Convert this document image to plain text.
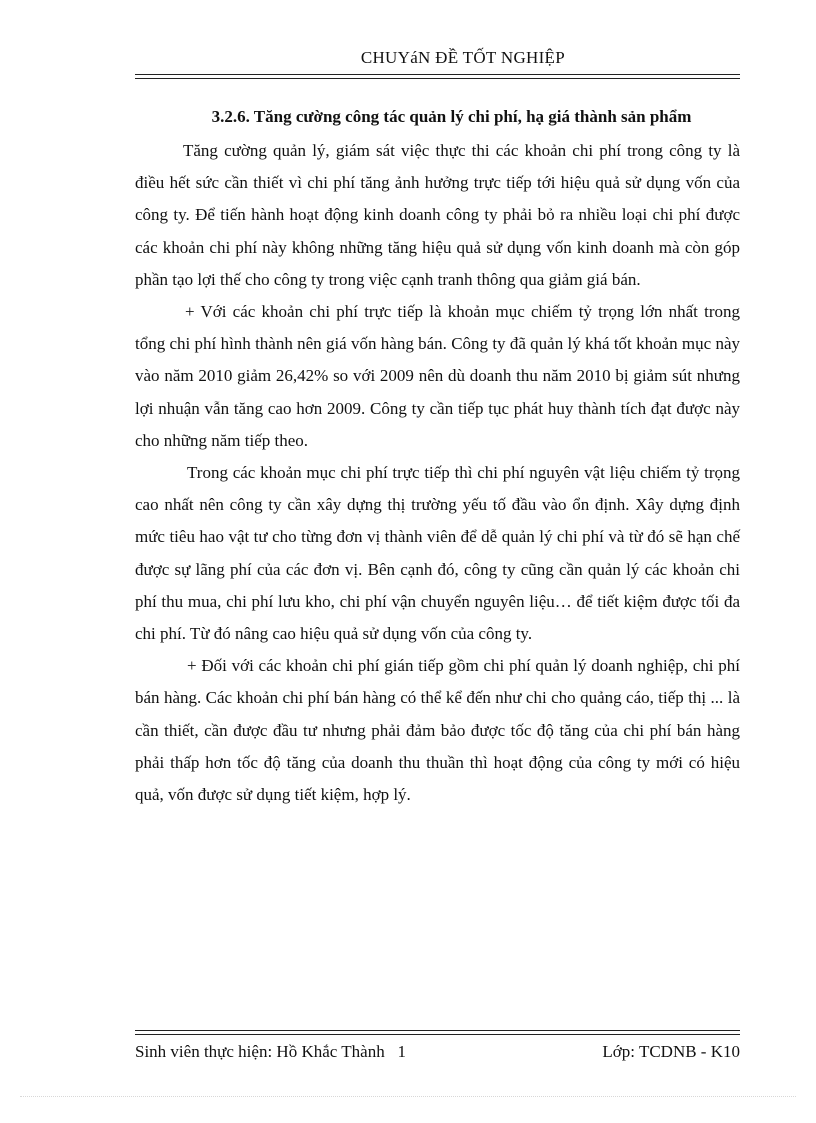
CHUYáN ĐỀ TỐT NGHIỆP
3.2.6. Tăng cường công tác quản lý chi phí, hạ giá thành sản phẩm

Tăng cường quản lý, giám sát việc thực thi các khoản chi phí trong công ty là điều hết sức cần thiết vì chi phí tăng ảnh hưởng trực tiếp tới hiệu quả sử dụng vốn của công ty. Để tiến hành hoạt động kinh doanh công ty phải bỏ ra nhiều loại chi phí được các khoản chi phí này không những tăng hiệu quả sử dụng vốn kinh doanh mà còn góp phần tạo lợi thế cho công ty trong việc cạnh tranh thông qua giảm giá bán.

+ Với các khoản chi phí trực tiếp là khoản mục chiếm tỷ trọng lớn nhất trong tổng chi phí hình thành nên giá vốn hàng bán. Công ty đã quản lý khá tốt khoản mục này vào năm 2010 giảm 26,42% so với 2009 nên dù doanh thu năm 2010 bị giảm sút nhưng lợi nhuận vẫn tăng cao hơn 2009. Công ty cần tiếp tục phát huy thành tích đạt được này cho những năm tiếp theo.

Trong các khoản mục chi phí trực tiếp thì chi phí nguyên vật liệu chiếm tỷ trọng cao nhất nên công ty cần xây dựng thị trường yếu tố đầu vào ổn định. Xây dựng định mức tiêu hao vật tư cho từng đơn vị thành viên để dễ quản lý chi phí và từ đó sẽ hạn chế được sự lãng phí của các đơn vị. Bên cạnh đó, công ty cũng cần quản lý các khoản chi phí thu mua, chi phí lưu kho, chi phí vận chuyển nguyên liệu… để tiết kiệm được tối đa chi phí. Từ đó nâng cao hiệu quả sử dụng vốn của công ty.

+ Đối với các khoản chi phí gián tiếp gồm chi phí quản lý doanh nghiệp, chi phí bán hàng. Các khoản chi phí bán hàng có thể kể đến như chi cho quảng cáo, tiếp thị ... là cần thiết, cần được đầu tư nhưng phải đảm bảo được tốc độ tăng của chi phí bán hàng phải thấp hơn tốc độ tăng của doanh thu thuần thì hoạt động của công ty mới có hiệu quả, vốn được sử dụng tiết kiệm, hợp lý.

Sinh viên thực hiện: Hồ Khắc Thành 1	Lớp: TCDNB - K10
